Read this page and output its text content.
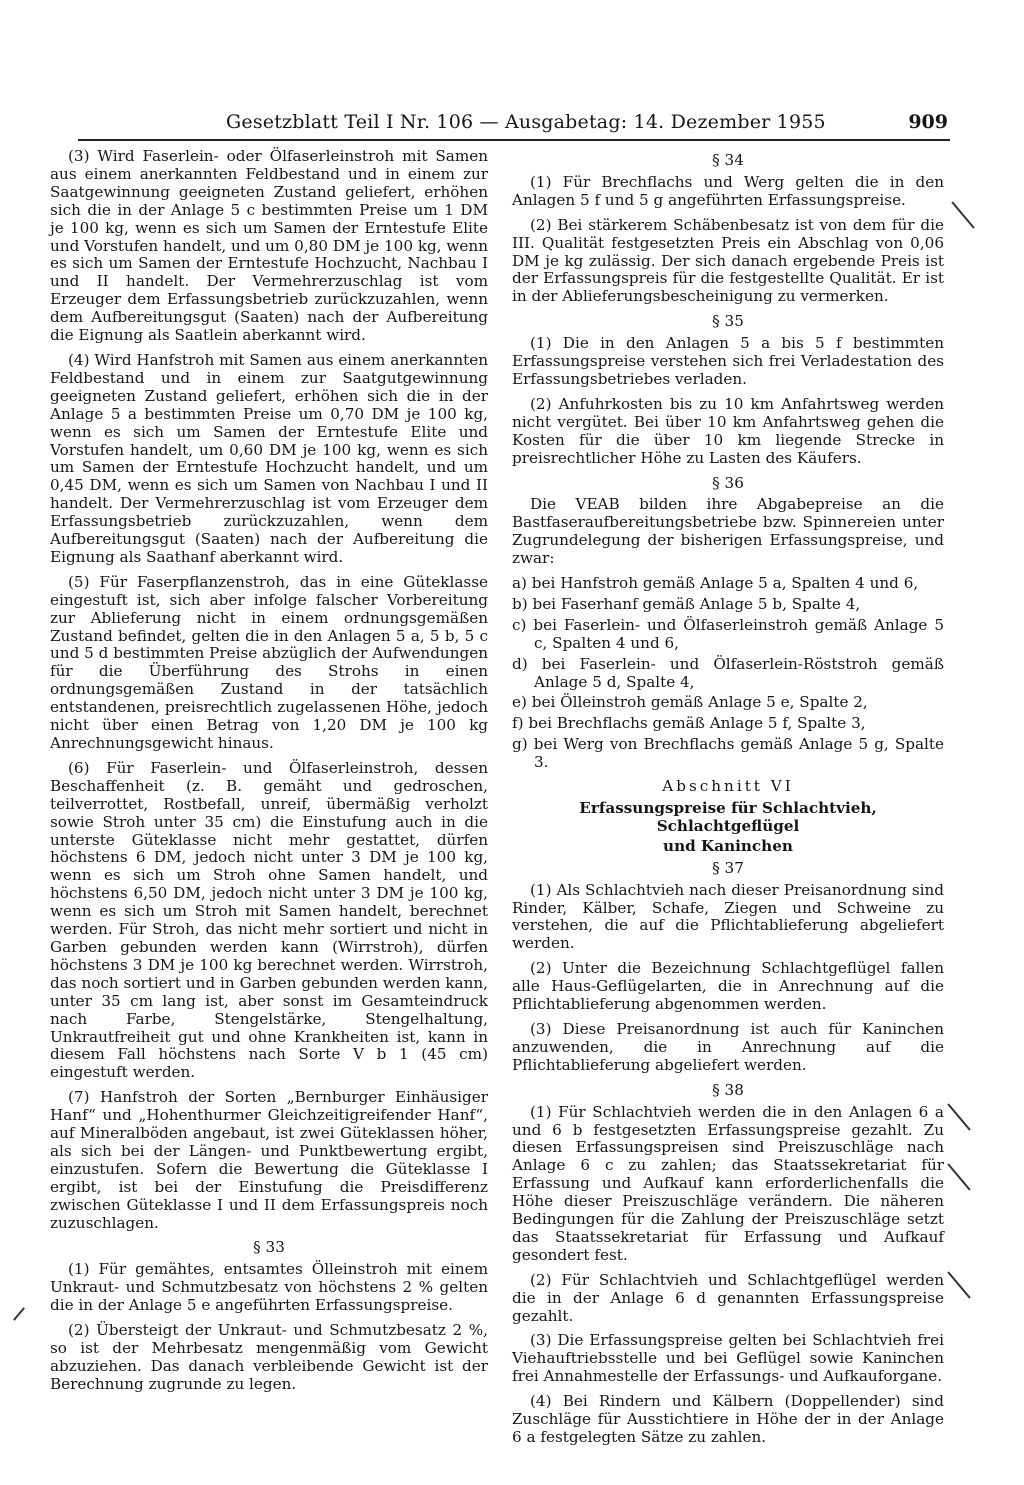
Gesetzblatt Teil I Nr. 106 — Ausgabetag: 14. Dezember 1955	909

(3) Wird Faserlein- oder Ölfaserleinstroh mit Samen aus einem anerkannten Feldbestand und in einem zur Saatgewinnung geeigneten Zustand geliefert, erhöhen sich die in der Anlage 5 c bestimmten Preise um 1 DM je 100 kg, wenn es sich um Samen der Erntestufe Elite und Vorstufen handelt, und um 0,80 DM je 100 kg, wenn es sich um Samen der Erntestufe Hochzucht, Nachbau I und II handelt. Der Vermehrerzuschlag ist vom Erzeuger dem Erfassungsbetrieb zurückzuzahlen, wenn dem Aufbereitungsgut (Saaten) nach der Aufbereitung die Eignung als Saatlein aberkannt wird.

(4) Wird Hanfstroh mit Samen aus einem anerkannten Feldbestand und in einem zur Saatgutgewinnung geeigneten Zustand geliefert, erhöhen sich die in der Anlage 5 a bestimmten Preise um 0,70 DM je 100 kg, wenn es sich um Samen der Erntestufe Elite und Vorstufen handelt, um 0,60 DM je 100 kg, wenn es sich um Samen der Erntestufe Hochzucht handelt, und um 0,45 DM, wenn es sich um Samen von Nachbau I und II handelt. Der Vermehrerzuschlag ist vom Erzeuger dem Erfassungsbetrieb zurückzuzahlen, wenn dem Aufbereitungsgut (Saaten) nach der Aufbereitung die Eignung als Saathanf aberkannt wird.

(5) Für Faserpflanzenstroh, das in eine Güteklasse eingestuft ist, sich aber infolge falscher Vorbereitung zur Ablieferung nicht in einem ordnungsgemäßen Zustand befindet, gelten die in den Anlagen 5 a, 5 b, 5 c und 5 d bestimmten Preise abzüglich der Aufwendungen für die Überführung des Strohs in einen ordnungsgemäßen Zustand in der tatsächlich entstandenen, preisrechtlich zugelassenen Höhe, jedoch nicht über einen Betrag von 1,20 DM je 100 kg Anrechnungsgewicht hinaus.

(6) Für Faserlein- und Ölfaserleinstroh, dessen Beschaffenheit (z. B. gemäht und gedroschen, teilverrottet, Rostbefall, unreif, übermäßig verholzt sowie Stroh unter 35 cm) die Einstufung auch in die unterste Güteklasse nicht mehr gestattet, dürfen höchstens 6 DM, jedoch nicht unter 3 DM je 100 kg, wenn es sich um Stroh ohne Samen handelt, und höchstens 6,50 DM, jedoch nicht unter 3 DM je 100 kg, wenn es sich um Stroh mit Samen handelt, berechnet werden. Für Stroh, das nicht mehr sortiert und nicht in Garben gebunden werden kann (Wirrstroh), dürfen höchstens 3 DM je 100 kg berechnet werden. Wirrstroh, das noch sortiert und in Garben gebunden werden kann, unter 35 cm lang ist, aber sonst im Gesamteindruck nach Farbe, Stengelstärke, Stengelhaltung, Unkrautfreiheit gut und ohne Krankheiten ist, kann in diesem Fall höchstens nach Sorte V b 1 (45 cm) eingestuft werden.

(7) Hanfstroh der Sorten „Bernburger Einhäusiger Hanf“ und „Hohenthurmer Gleichzeitigreifender Hanf“, auf Mineralböden angebaut, ist zwei Güteklassen höher, als sich bei der Längen- und Punktbewertung ergibt, einzustufen. Sofern die Bewertung die Güteklasse I ergibt, ist bei der Einstufung die Preisdifferenz zwischen Güteklasse I und II dem Erfassungspreis noch zuzuschlagen.

§ 33

(1) Für gemähtes, entsamtes Ölleinstroh mit einem Unkraut- und Schmutzbesatz von höchstens 2 % gelten die in der Anlage 5 e angeführten Erfassungspreise.

(2) Übersteigt der Unkraut- und Schmutzbesatz 2 %, so ist der Mehrbesatz mengenmäßig vom Gewicht abzuziehen. Das danach verbleibende Gewicht ist der Berechnung zugrunde zu legen.

§ 34

(1) Für Brechflachs und Werg gelten die in den Anlagen 5 f und 5 g angeführten Erfassungspreise.

(2) Bei stärkerem Schäbenbesatz ist von dem für die III. Qualität festgesetzten Preis ein Abschlag von 0,06 DM je kg zulässig. Der sich danach ergebende Preis ist der Erfassungspreis für die festgestellte Qualität. Er ist in der Ablieferungsbescheinigung zu vermerken.

§ 35

(1) Die in den Anlagen 5 a bis 5 f bestimmten Erfassungspreise verstehen sich frei Verladestation des Erfassungsbetriebes verladen.

(2) Anfuhrkosten bis zu 10 km Anfahrtsweg werden nicht vergütet. Bei über 10 km Anfahrtsweg gehen die Kosten für die über 10 km liegende Strecke in preisrechtlicher Höhe zu Lasten des Käufers.

§ 36

Die VEAB bilden ihre Abgabepreise an die Bastfaseraufbereitungsbetriebe bzw. Spinnereien unter Zugrundelegung der bisherigen Erfassungspreise, und zwar:

a) bei Hanfstroh gemäß Anlage 5 a, Spalten 4 und 6,
b) bei Faserhanf gemäß Anlage 5 b, Spalte 4,
c) bei Faserlein- und Ölfaserleinstroh gemäß Anlage 5 c, Spalten 4 und 6,
d) bei Faserlein- und Ölfaserlein-Röststroh gemäß Anlage 5 d, Spalte 4,
e) bei Ölleinstroh gemäß Anlage 5 e, Spalte 2,
f) bei Brechflachs gemäß Anlage 5 f, Spalte 3,
g) bei Werg von Brechflachs gemäß Anlage 5 g, Spalte 3.
Abschnitt VI
Erfassungspreise für Schlachtvieh, Schlachtgeflügel
und Kaninchen
§ 37

(1) Als Schlachtvieh nach dieser Preisanordnung sind Rinder, Kälber, Schafe, Ziegen und Schweine zu verstehen, die auf die Pflichtablieferung abgeliefert werden.

(2) Unter die Bezeichnung Schlachtgeflügel fallen alle Haus-Geflügelarten, die in Anrechnung auf die Pflichtablieferung abgenommen werden.

(3) Diese Preisanordnung ist auch für Kaninchen anzuwenden, die in Anrechnung auf die Pflichtablieferung abgeliefert werden.

§ 38

(1) Für Schlachtvieh werden die in den Anlagen 6 a und 6 b festgesetzten Erfassungspreise gezahlt. Zu diesen Erfassungspreisen sind Preiszuschläge nach Anlage 6 c zu zahlen; das Staatssekretariat für Erfassung und Aufkauf kann erforderlichenfalls die Höhe dieser Preiszuschläge verändern. Die näheren Bedingungen für die Zahlung der Preiszuschläge setzt das Staatssekretariat für Erfassung und Aufkauf gesondert fest.

(2) Für Schlachtvieh und Schlachtgeflügel werden die in der Anlage 6 d genannten Erfassungspreise gezahlt.

(3) Die Erfassungspreise gelten bei Schlachtvieh frei Viehauftriebsstelle und bei Geflügel sowie Kaninchen frei Annahmestelle der Erfassungs- und Aufkauforgane.

(4) Bei Rindern und Kälbern (Doppellender) sind Zuschläge für Ausstichtiere in Höhe der in der Anlage 6 a festgelegten Sätze zu zahlen.
